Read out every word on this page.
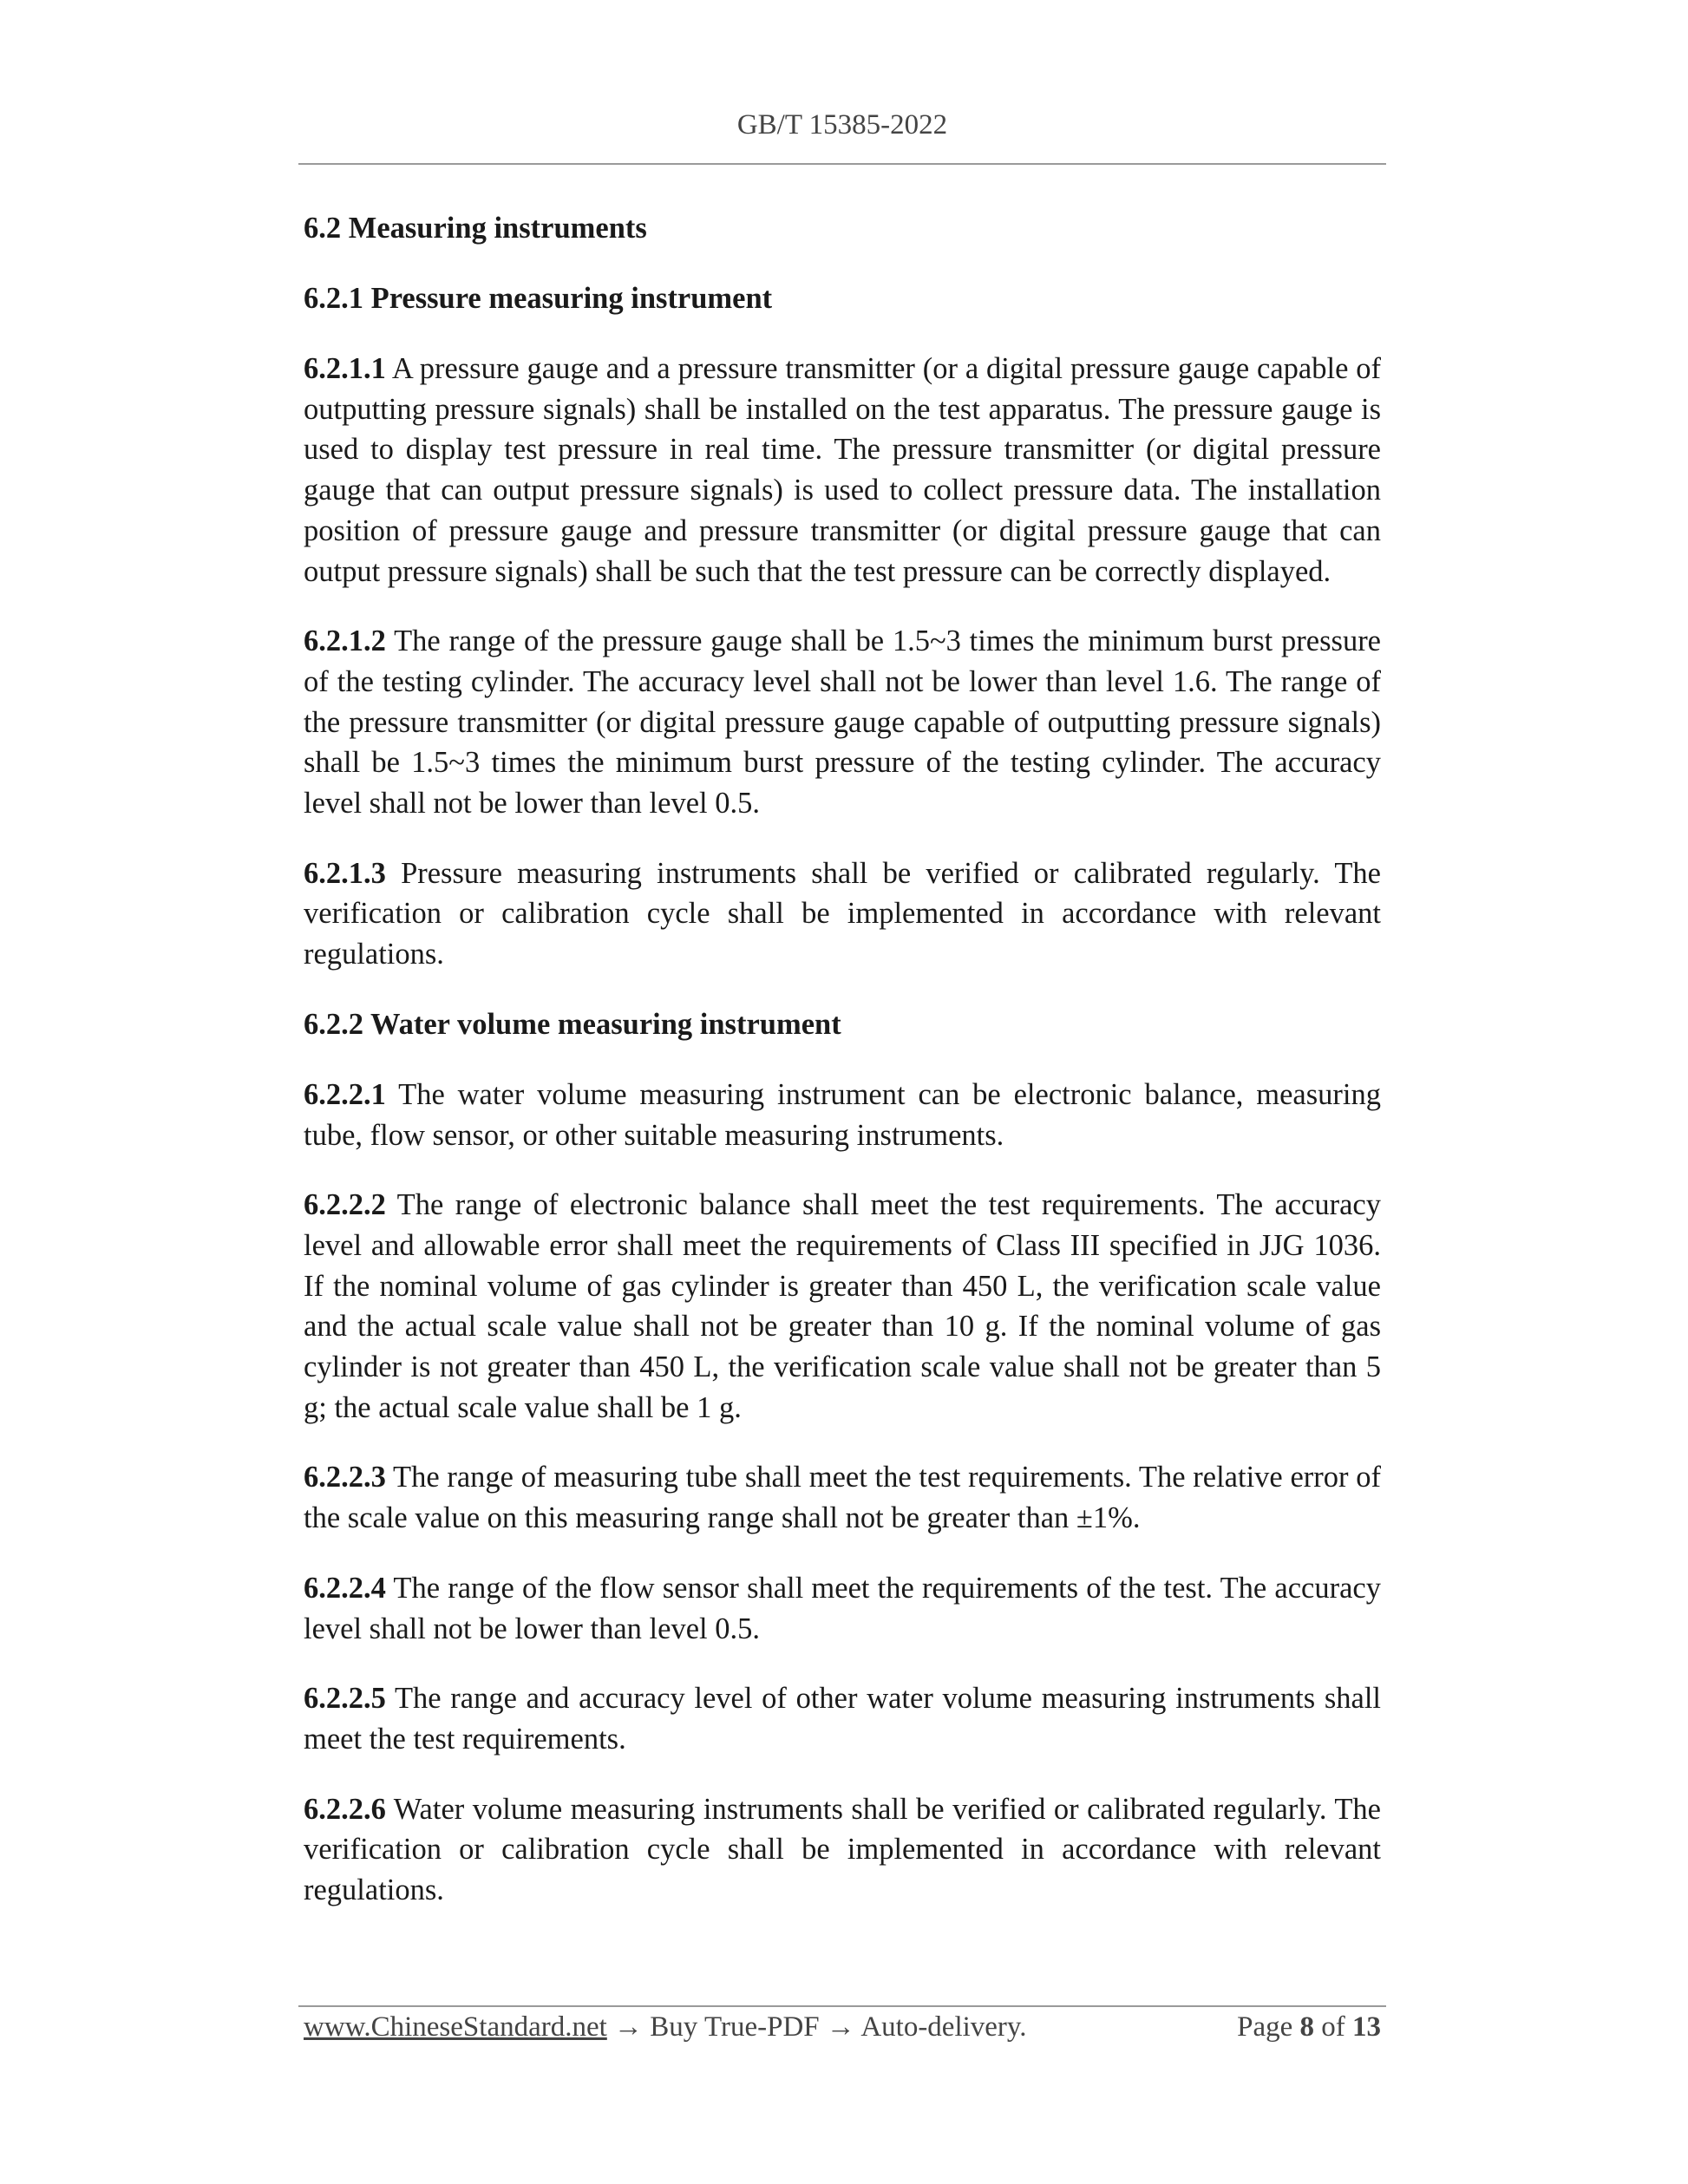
GB/T 15385-2022

6.2 Measuring instruments

6.2.1 Pressure measuring instrument

6.2.1.1 A pressure gauge and a pressure transmitter (or a digital pressure gauge capable of outputting pressure signals) shall be installed on the test apparatus. The pressure gauge is used to display test pressure in real time. The pressure transmitter (or digital pressure gauge that can output pressure signals) is used to collect pressure data. The installation position of pressure gauge and pressure transmitter (or digital pressure gauge that can output pressure signals) shall be such that the test pressure can be correctly displayed.

6.2.1.2 The range of the pressure gauge shall be 1.5~3 times the minimum burst pressure of the testing cylinder. The accuracy level shall not be lower than level 1.6. The range of the pressure transmitter (or digital pressure gauge capable of outputting pressure signals) shall be 1.5~3 times the minimum burst pressure of the testing cylinder. The accuracy level shall not be lower than level 0.5.

6.2.1.3 Pressure measuring instruments shall be verified or calibrated regularly. The verification or calibration cycle shall be implemented in accordance with relevant regulations.

6.2.2 Water volume measuring instrument

6.2.2.1 The water volume measuring instrument can be electronic balance, measuring tube, flow sensor, or other suitable measuring instruments.

6.2.2.2 The range of electronic balance shall meet the test requirements. The accuracy level and allowable error shall meet the requirements of Class III specified in JJG 1036. If the nominal volume of gas cylinder is greater than 450 L, the verification scale value and the actual scale value shall not be greater than 10 g. If the nominal volume of gas cylinder is not greater than 450 L, the verification scale value shall not be greater than 5 g; the actual scale value shall be 1 g.

6.2.2.3 The range of measuring tube shall meet the test requirements. The relative error of the scale value on this measuring range shall not be greater than ±1%.

6.2.2.4 The range of the flow sensor shall meet the requirements of the test. The accuracy level shall not be lower than level 0.5.

6.2.2.5 The range and accuracy level of other water volume measuring instruments shall meet the test requirements.

6.2.2.6 Water volume measuring instruments shall be verified or calibrated regularly. The verification or calibration cycle shall be implemented in accordance with relevant regulations.

www.ChineseStandard.net → Buy True-PDF → Auto-delivery.	Page 8 of 13
